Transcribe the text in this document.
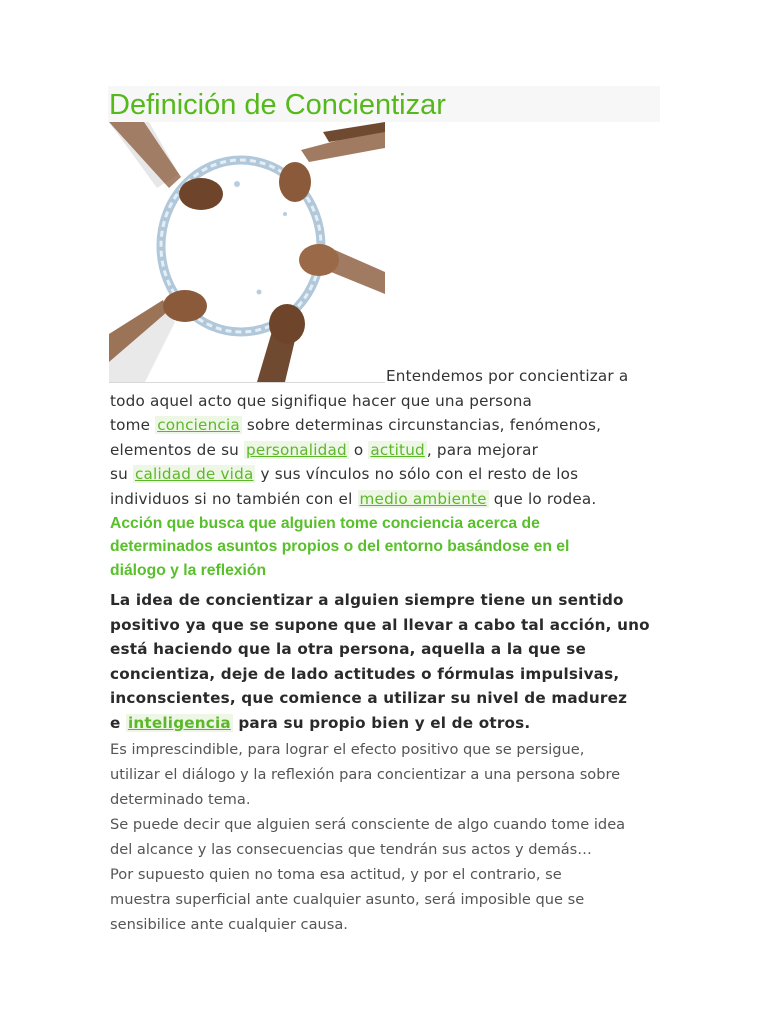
Definición de Concientizar
Entendemos por concientizar a
todo aquel acto que signifique hacer que una persona
tome conciencia sobre determinas circunstancias, fenómenos,
elementos de su personalidad o actitud , para mejorar
su calidad de vida y sus vínculos no sólo con el resto de los
individuos si no también con el medio ambiente que lo rodea.
Acción que busca que alguien tome conciencia acerca de
determinados asuntos propios o del entorno basándose en el
diálogo y la reflexión
La idea de concientizar a alguien siempre tiene un sentido
positivo ya que se supone que al llevar a cabo tal acción, uno
está haciendo que la otra persona, aquella a la que se
concientiza, deje de lado actitudes o fórmulas impulsivas,
inconscientes, que comience a utilizar su nivel de madurez
e inteligencia para su propio bien y el de otros.
Es imprescindible, para lograr el efecto positivo que se persigue,
utilizar el diálogo y la reflexión para concientizar a una persona sobre
determinado tema.
Se puede decir que alguien será consciente de algo cuando tome idea
del alcance y las consecuencias que tendrán sus actos y demás…
Por supuesto quien no toma esa actitud, y por el contrario, se
muestra superficial ante cualquier asunto, será imposible que se
sensibilice ante cualquier causa.
